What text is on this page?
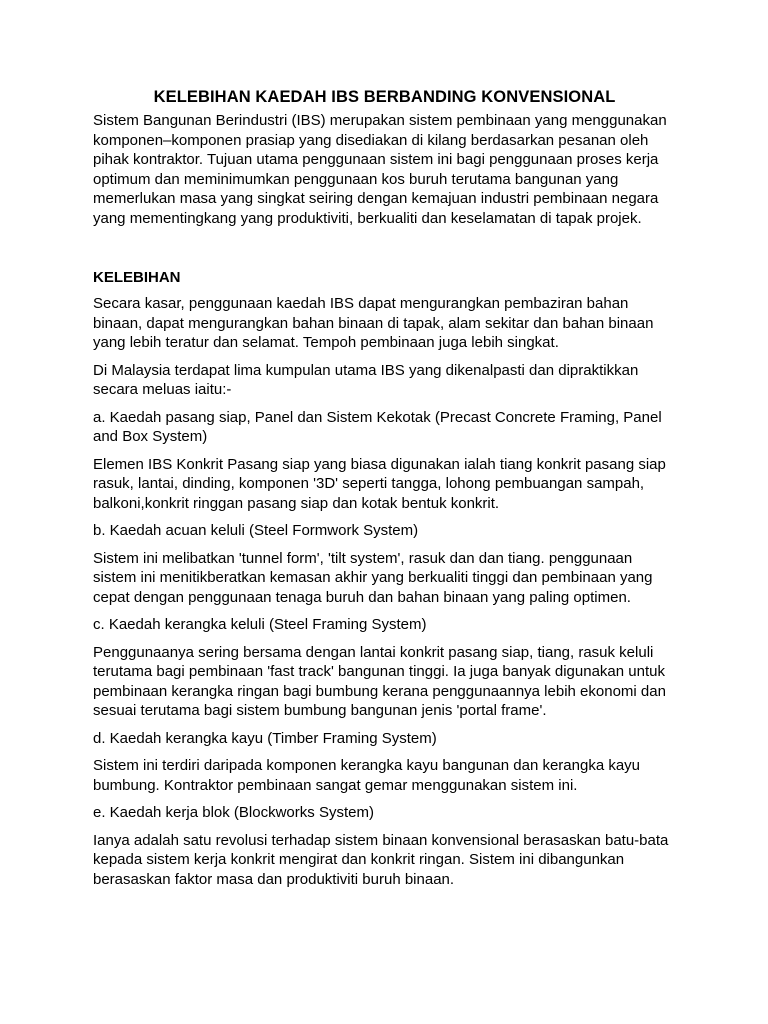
KELEBIHAN KAEDAH IBS BERBANDING KONVENSIONAL

Sistem Bangunan Berindustri (IBS) merupakan sistem pembinaan yang menggunakan komponen–komponen prasiap yang disediakan di kilang berdasarkan pesanan oleh pihak kontraktor. Tujuan utama penggunaan sistem ini bagi penggunaan proses kerja optimum dan meminimumkan penggunaan kos buruh terutama bangunan yang memerlukan masa yang singkat seiring dengan kemajuan industri pembinaan negara yang mementingkang yang produktiviti, berkualiti dan keselamatan di tapak projek.

KELEBIHAN

Secara kasar, penggunaan kaedah IBS dapat mengurangkan pembaziran bahan binaan, dapat mengurangkan bahan binaan di tapak, alam sekitar dan bahan binaan yang lebih teratur dan selamat. Tempoh pembinaan juga lebih singkat.

Di Malaysia terdapat lima kumpulan utama IBS yang dikenalpasti dan dipraktikkan secara meluas iaitu:-

a. Kaedah pasang siap, Panel dan Sistem Kekotak (Precast Concrete Framing, Panel and Box System)

Elemen IBS Konkrit Pasang siap yang biasa digunakan ialah tiang konkrit pasang siap rasuk, lantai, dinding, komponen '3D' seperti tangga, lohong pembuangan sampah, balkoni,konkrit ringgan pasang siap dan kotak bentuk konkrit.

b. Kaedah acuan keluli (Steel Formwork System)

Sistem ini melibatkan 'tunnel form', 'tilt system', rasuk dan dan tiang. penggunaan sistem ini menitikberatkan kemasan akhir yang berkualiti tinggi dan pembinaan yang cepat dengan penggunaan tenaga buruh dan bahan binaan yang paling optimen.

c. Kaedah kerangka keluli (Steel Framing System)

Penggunaanya sering bersama dengan lantai konkrit pasang siap, tiang, rasuk keluli terutama bagi pembinaan 'fast track' bangunan tinggi. Ia juga banyak digunakan untuk pembinaan kerangka ringan bagi bumbung kerana penggunaannya lebih ekonomi dan sesuai terutama bagi sistem bumbung bangunan jenis 'portal frame'.

d. Kaedah kerangka kayu (Timber Framing System)

Sistem ini terdiri daripada komponen kerangka kayu bangunan dan kerangka kayu bumbung. Kontraktor pembinaan sangat gemar menggunakan sistem ini.

e. Kaedah kerja blok (Blockworks System)

Ianya adalah satu revolusi terhadap sistem binaan konvensional berasaskan batu-bata kepada sistem kerja konkrit mengirat dan konkrit ringan. Sistem ini dibangunkan berasaskan faktor masa dan produktiviti buruh binaan.
